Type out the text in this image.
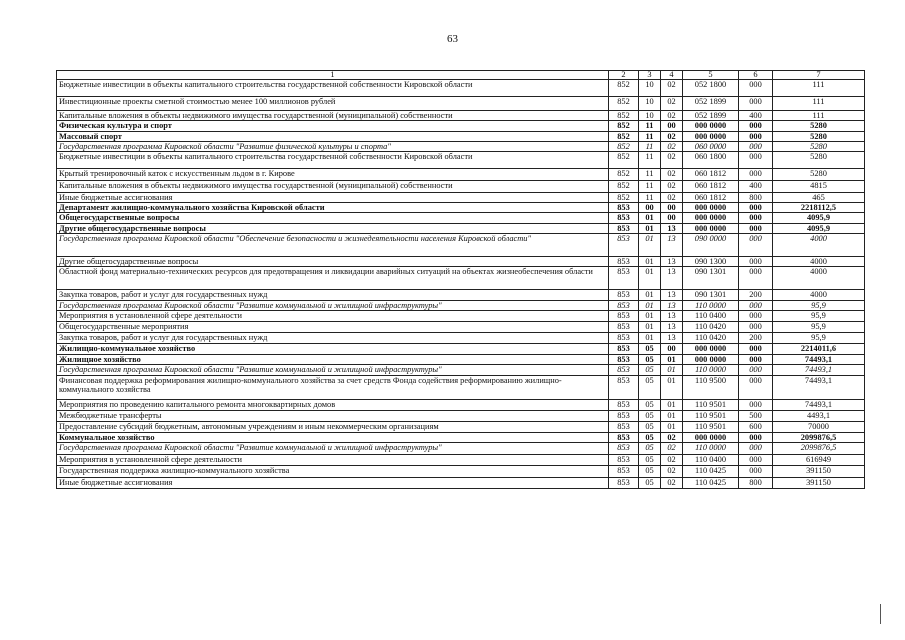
63
1	2	3	4	5	6	7
Бюджетные инвестиции в объекты капитального строительства государственной собственности Кировской области	852	10	02	052 1800	000	111
Инвестиционные проекты сметной стоимостью менее 100 миллионов рублей	852	10	02	052 1899	000	111
Капитальные вложения в объекты недвижимого имущества государственной (муниципальной) собственности	852	10	02	052 1899	400	111
Физическая культура и спорт	852	11	00	000 0000	000	5280
Массовый спорт	852	11	02	000 0000	000	5280
Государственная программа Кировской области "Развитие физической культуры и спорта"	852	11	02	060 0000	000	5280
Бюджетные инвестиции в объекты капитального строительства государственной собственности Кировской области	852	11	02	060 1800	000	5280
Крытый тренировочный каток с искусственным льдом в г. Кирове	852	11	02	060 1812	000	5280
Капитальные вложения в объекты недвижимого имущества государственной (муниципальной) собственности	852	11	02	060 1812	400	4815
Иные бюджетные ассигнования	852	11	02	060 1812	800	465
Департамент жилищно-коммунального хозяйства Кировской области	853	00	00	000 0000	000	2218112,5
Общегосударственные вопросы	853	01	00	000 0000	000	4095,9
Другие общегосударственные вопросы	853	01	13	000 0000	000	4095,9
Государственная программа Кировской области "Обеспечение безопасности и жизнедеятельности населения Кировской области"	853	01	13	090 0000	000	4000
Другие общегосударственные вопросы	853	01	13	090 1300	000	4000
Областной фонд материально-технических ресурсов для предотвращения и ликвидации аварийных ситуаций на объектах жизнеобеспечения области	853	01	13	090 1301	000	4000
Закупка товаров, работ и услуг для государственных нужд	853	01	13	090 1301	200	4000
Государственная программа Кировской области "Развитие коммунальной и жилищной инфраструктуры"	853	01	13	110 0000	000	95,9
Мероприятия в установленной сфере деятельности	853	01	13	110 0400	000	95,9
Общегосударственные мероприятия	853	01	13	110 0420	000	95,9
Закупка товаров, работ и услуг для государственных нужд	853	01	13	110 0420	200	95,9
Жилищно-коммунальное хозяйство	853	05	00	000 0000	000	2214011,6
Жилищное хозяйство	853	05	01	000 0000	000	74493,1
Государственная программа Кировской области "Развитие коммунальной и жилищной инфраструктуры"	853	05	01	110 0000	000	74493,1
Финансовая поддержка реформирования жилищно-коммунального хозяйства за счет средств Фонда содействия реформированию жилищно-коммунального хозяйства	853	05	01	110 9500	000	74493,1
Мероприятия по проведению капитального ремонта многоквартирных домов	853	05	01	110 9501	000	74493,1
Межбюджетные трансферты	853	05	01	110 9501	500	4493,1
Предоставление субсидий бюджетным, автономным учреждениям и иным некоммерческим организациям	853	05	01	110 9501	600	70000
Коммунальное хозяйство	853	05	02	000 0000	000	2099876,5
Государственная программа Кировской области "Развитие коммунальной и жилищной инфраструктуры"	853	05	02	110 0000	000	2099876,5
Мероприятия в установленной сфере деятельности	853	05	02	110 0400	000	616949
Государственная поддержка жилищно-коммунального хозяйства	853	05	02	110 0425	000	391150
Иные бюджетные ассигнования	853	05	02	110 0425	800	391150
